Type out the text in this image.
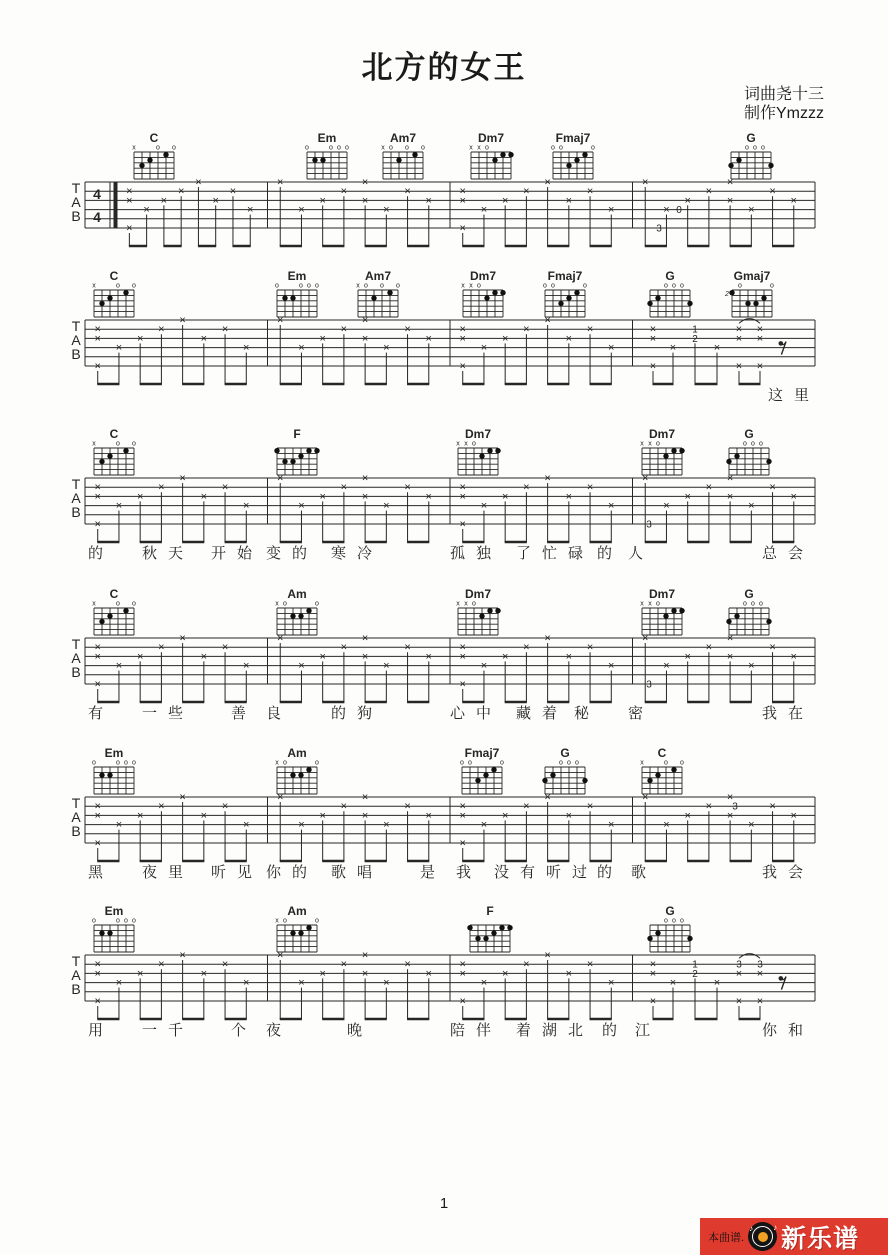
T
A
B
4
4
C
x	o o
Em
o	o o o
Am7
x o o o
Dm7
x x o
Fmaj7
o o	o
G
o o o
×
×
×
×
×
×
×
×
×
×
×
×
×
×
×
×
×
×
×
×
×
×
×
×
×
×
×
×
×
×
×
×
×
×
×
×
×
×
3
0
T
A
B
C
x	o o
Em
o	o o o
Am7
x o o o
Dm7
x x o
Fmaj7
o o	o
G
o o o
Gmaj7
o	o
2
×
×
×
×
×
×
×
×
×
×
×
×
×
×
×
×
×
×
×
×
×
×
×
×
×
×
×
×
×
×
×
×
×
1
2
×
×
×
×
×
×
×
这里
T
A
B
C
x	o o
F	Dm7
x x o
Dm7
x x o
G
o o o
×
×
×
×
×
×
×
×
×
×
×
×
×
×
×
×
×
×
×
×
×
×
×
×
×
×
×
×
×
×
×
×
×
×
×
×
×
×
3
的 秋天 开始 变的 寒冷	孤独 了忙碌 的 人	总会
T
A
B
C
x	o o
Am
x o	o
Dm7
x x o
Dm7
x x o
G
o o o
×
×
×
×
×
×
×
×
×
×
×
×
×
×
×
×
×
×
×
×
×
×
×
×
×
×
×
×
×
×
×
×
×
×
×
×
×
×
3
有 一些 善 良	的狗	心中 藏着 秘 密	我在
T
A
B
Em
o	o o o
Am
x o	o
Fmaj7
o o	o
G
o o o
C
x	o o
×
×
×
×
×
×
×
×
×
×
×
×
×
×
×
×
×
×
×
×
×
×
×
×
×
×
×
×
×
×
×
×
×
×
×
×
×
×
3
黑 夜里 听见 你的 歌唱 是 我 没有听过
的 歌	我会
T
A
B
Em
o	o o o
Am
x o	o
F	G
o o o
×
×
×
×
×
×
×
×
×
×
×
×
×
×
×
×
×
×
×
×
×
×
×
×
×
×
×
×
×
×
×
×
×
1
2
×
×
×
3
×
×
3
用 一千 个 夜	晚	陪伴 着湖北 的 江	你和
北方的女王
词曲尧十三
制作Ymzzz
1
本曲谱.
♪	♪ 新乐谱
